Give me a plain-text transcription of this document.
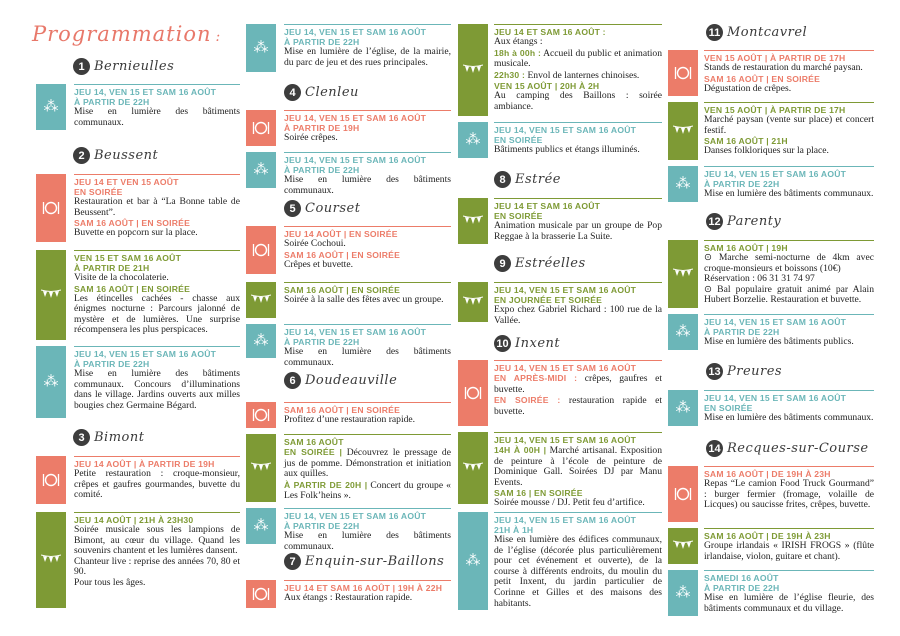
Programmation :
1 Bernieulles
⁂
JEU 14, VEN 15 ET SAM 16 AOÛT
À PARTIR DE 22H
Mise en lumière des bâtiments communaux.
2 Beussent
JEU 14 ET VEN 15 AOÛT
EN SOIRÉE
Restauration et bar à “La Bonne table de Beussent”.
SAM 16 AOÛT | EN SOIRÉE
Buvette en popcorn sur la place.
VEN 15 ET SAM 16 AOÛT
À PARTIR DE 21H
Visite de la chocolaterie.
SAM 16 AOÛT | EN SOIRÉE
Les étincelles cachées - chasse aux énigmes nocturne : Parcours jalonné de mystère et de lumières. Une surprise récompensera les plus perspicaces.
⁂
JEU 14, VEN 15 ET SAM 16 AOÛT
À PARTIR DE 22H
Mise en lumière des bâtiments communaux. Concours d’illuminations dans le village. Jardins ouverts aux milles bougies chez Germaine Bégard.
3 Bimont
JEU 14 AOÛT | À PARTIR DE 19H
Petite restauration : croque-monsieur, crêpes et gaufres gourmandes, buvette du comité.
JEU 14 AOÛT | 21H À 23H30
Soirée musicale sous les lampions de Bimont, au cœur du village. Quand les souvenirs chantent et les lumières dansent.
Chanteur live : reprise des années 70, 80 et 90.
Pour tous les âges.
⁂
JEU 14, VEN 15 ET SAM 16 AOÛT
À PARTIR DE 22H
Mise en lumière de l’église, de la mairie, du parc de jeu et des rues principales.
4 Clenleu
JEU 14, VEN 15 ET SAM 16 AOÛT
À PARTIR DE 19H
Soirée crêpes.
⁂
JEU 14, VEN 15 ET SAM 16 AOÛT
À PARTIR DE 22H
Mise en lumière des bâtiments communaux.
5 Courset
JEU 14 AOÛT | EN SOIRÉE
Soirée Cochoui.
SAM 16 AOÛT | EN SOIRÉE
Crêpes et buvette.
SAM 16 AOÛT | EN SOIRÉE
Soirée à la salle des fêtes avec un groupe.
⁂
JEU 14, VEN 15 ET SAM 16 AOÛT
À PARTIR DE 22H
Mise en lumière des bâtiments communaux.
6 Doudeauville
SAM 16 AOÛT | EN SOIRÉE
Profitez d’une restauration rapide.
SAM 16 AOÛT
EN SOIRÉE | Découvrez le pressage de jus de pomme. Démonstration et initiation aux quilles.
À PARTIR DE 20H | Concert du groupe « Les Folk’heins ».
⁂
JEU 14, VEN 15 ET SAM 16 AOÛT
À PARTIR DE 22H
Mise en lumière des bâtiments communaux.
7 Enquin-sur-Baillons
JEU 14 ET SAM 16 AOÛT | 19H À 22H
Aux étangs : Restauration rapide.
JEU 14 ET SAM 16 AOÛT :
Aux étangs :
18h à 00h : Accueil du public et animation musicale.
22h30 : Envol de lanternes chinoises.
VEN 15 AOÛT | 20H À 2H
Au camping des Baillons : soirée ambiance.
⁂
JEU 14, VEN 15 ET SAM 16 AOÛT
EN SOIRÉE
Bâtiments publics et étangs illuminés.
8 Estrée
JEU 14 ET SAM 16 AOÛT
EN SOIRÉE
Animation musicale par un groupe de Pop Reggae à la brasserie La Suite.
9 Estréelles
JEU 14, VEN 15 ET SAM 16 AOÛT
EN JOURNÉE ET SOIRÉE
Expo chez Gabriel Richard : 100 rue de la Vallée.
10 Inxent
JEU 14, VEN 15 ET SAM 16 AOÛT
EN APRÈS-MIDI : crêpes, gaufres et buvette.
EN SOIRÉE : restauration rapide et buvette.
JEU 14, VEN 15 ET SAM 16 AOÛT
14H À 00H | Marché artisanal. Exposition de peinture à l’école de peinture de Dominique Gall. Soirées DJ par Manu Events.
SAM 16 | EN SOIRÉE
Soirée mousse / DJ. Petit feu d’artifice.
⁂
JEU 14, VEN 15 ET SAM 16 AOÛT
21H À 1H
Mise en lumière des édifices communaux, de l’église (décorée plus particulièrement pour cet événement et ouverte), de la course à différents endroits, du moulin du petit Inxent, du jardin particulier de Corinne et Gilles et des maisons des habitants.
11 Montcavrel
VEN 15 AOÛT | À PARTIR DE 17H
Stands de restauration du marché paysan.
SAM 16 AOÛT | EN SOIRÉE
Dégustation de crêpes.
VEN 15 AOÛT | À PARTIR DE 17H
Marché paysan (vente sur place) et concert festif.
SAM 16 AOÛT | 21H
Danses folkloriques sur la place.
⁂
JEU 14, VEN 15 ET SAM 16 AOÛT
À PARTIR DE 22H
Mise en lumière des bâtiments communaux.
12 Parenty
SAM 16 AOÛT | 19H
⊙ Marche semi-nocturne de 4km avec croque-monsieurs et boissons (10€)
Réservation : 06 31 31 74 97
⊙ Bal populaire gratuit animé par Alain Hubert Borzelie. Restauration et buvette.
⁂
JEU 14, VEN 15 ET SAM 16 AOÛT
À PARTIR DE 22H
Mise en lumière des bâtiments publics.
13 Preures
⁂
JEU 14, VEN 15 ET SAM 16 AOÛT
EN SOIRÉE
Mise en lumière des bâtiments communaux.
14 Recques-sur-Course
SAM 16 AOÛT | DE 19H À 23H
Repas “Le camion Food Truck Gourmand” : burger fermier (fromage, volaille de Licques) ou saucisse frites, crêpes, buvette.
SAM 16 AOÛT | DE 19H À 23H
Groupe irlandais « IRISH FROGS » (flûte irlandaise, violon, guitare et chant).
⁂
SAMEDI 16 AOÛT
À PARTIR DE 22H
Mise en lumière de l’église fleurie, des bâtiments communaux et du village.
